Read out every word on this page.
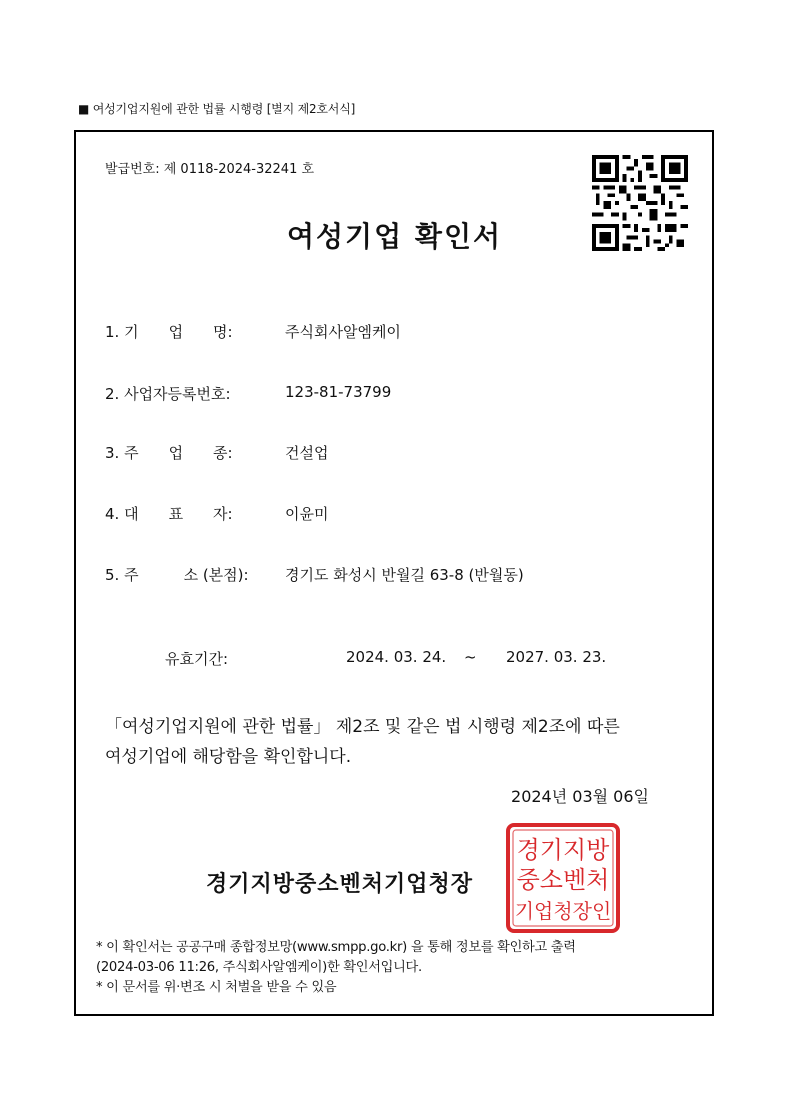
■ 여성기업지원에 관한 법률 시행령 [별지 제2호서식]
발급번호: 제 0118-2024-32241 호
여성기업 확인서
1. 기　　업　　명:	주식회사알엠케이
2. 사업자등록번호:	123-81-73799
3. 주　　업　　종:	건설업
4. 대　　표　　자:	이윤미
5. 주　　　소 (본점): 경기도 화성시 반월길 63-8 (반월동)
유효기간:	2024. 03. 24. ~ 2027. 03. 23.
「여성기업지원에 관한 법률」 제2조 및 같은 법 시행령 제2조에 따른
여성기업에 해당함을 확인합니다.
2024년 03월 06일
경기지방중소벤처기업청장
경기지방
중소벤처
기업청장인
* 이 확인서는 공공구매 종합정보망(www.smpp.go.kr) 을 통해 정보를 확인하고 출력
(2024-03-06 11:26, 주식회사알엠케이)한 확인서입니다.
* 이 문서를 위·변조 시 처벌을 받을 수 있음
